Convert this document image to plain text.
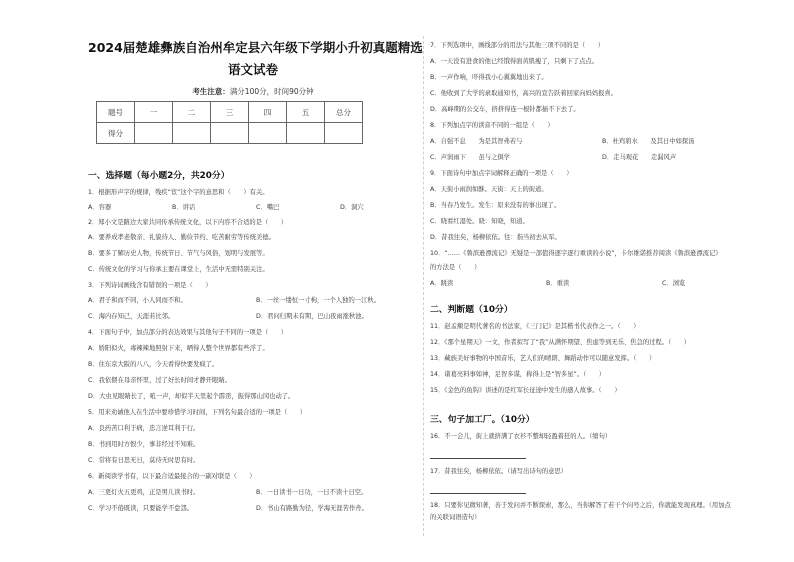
2024届楚雄彝族自治州牟定县六年级下学期小升初真题精选
语文试卷
考生注意：满分100分，时间90分钟
题号	一	二	三	四	五	总分
得分						
一、选择题（每小题2分，共20分）
1．根据形声字的规律，残疾“宦”这个字的意思和（　　）有关。
A．容器	B．讲话	C．嘴巴	D．洞穴
2．郑小文是路边大家共同传承传统文化，以下内容不合适的是（　　）
A．要养成孝老敬亲、礼貌待人、勤俭节约、吃苦耐劳等传统美德。
B．要多了解历史人物，传统节日、节气与风俗，划明与发展等。
C．传统文化的学习与你承主要在课堂上，生活中无需特别关注。
3．下列诗词画线含有错误的一项是（　　）
A．君子和而不同，小人同而不和。	B．一丝一缕恒一寸枸，一个人独钓一江秋。
C．海内存知己，天涯若比邻。	D．君问归期未有期，巴山夜雨涨秋池。
4．下面句子中，加点部分的表达效果与其他句子不同的一项是（　　）
A．娇阳似火，毒辣辣地照射下来，晒得人整个世界都有些浮了。
B．住东京大阪的八八，今天看得快要发疯了。
C．我依偎在母亲怀里，过了好长时间才静开眼睛。
D．大虫见眼睛长了，吼一声，却似半天里起个霹雳，振得那山冈也动了。
5．用来劝诫他人在生活中要珍惜学习时间，下列名句最合适的一项是（　　）
A．良药苦口利于病，忠言逆耳利于行。
B．书到用时方恨少，事非经过不知难。
C．常将有日思无日，莫待无时思有时。
6．新阅读学书有，以下最合适最接合的一副对联是（　　）
A．三更灯火五更鸡，正是男儿读书时。	B．一日读书一日功，一日不读十日空。
C．学习不倦既读，只要能学不怠怨。	D．书山有路勤为径，学海无涯苦作舟。
7．下列选项中，画线部分的用法与其他三项不同的是（　　）
A．一天没有进食的他已经饿得面黄肌瘦了，只剩下了点点。
B．一声作响，吓得我小心翼翼地出来了。
C．他收到了大学的录取通知书，高兴的宣告跃着回家向妈妈报喜。
D．高峰期的公交车，挤挤得连一根针都插不下去了。
8．下列加点字的读音不同的一组是（　　）
A．自强不息　　为是其智弗若与	B．杜鸡碧水　　及其日中如探汤
C．声润雨下　　虽与之俱学	D．走马观花　　走漏风声
9．下面诗句中加点字词解释正确的一项是（　　）
A．天街小雨润如酥。天街：天上的街道。
B．当春乃发生。发生：原来没有的事出现了。
C．晓看红湿处。晓：知晓，知道。
D．昔我往矣，杨柳依依。往：指当初去从军。
10．“……《鲁滨逊漂流记》无疑是一部值得逐字逐行重读的小说”，卡尔维诺推荐阅读《鲁滨逊漂流记》
的方法是（　　）
A．跳读	B．重读	C．浏览
二、判断题（10分）
11．赵孟頫是明代著名的书法家，《三门记》是其楷书代表作之一。（　　）
12．《那个星期天》一文，作者拟写了“我”从满怀期望、焦虑等到无乐、焦急的过程。（　　）
13．藏族美好事物的中国音乐，艺人们的晴朗、舞蹈动作可以随意发挥。（　　）
14．诸葛亮料事如神，足智多谋，称得上是“智多星”。（　　）
15．《金色的鱼钩》讲述的是红军长征途中发生的感人故事。（　　）
三、句子加工厂。（10分）
16．不一会儿，街上就挤满了衣衫不整却轻盈着狂的人。（缩句）
17．昔我往矣，杨柳依依。（请写出诗句的意思）
18．只要你见微知著，善于发问并不断探索，那么，当你解答了若干个问号之后，你就能发现真理。（用加点
的关联词语造句）
